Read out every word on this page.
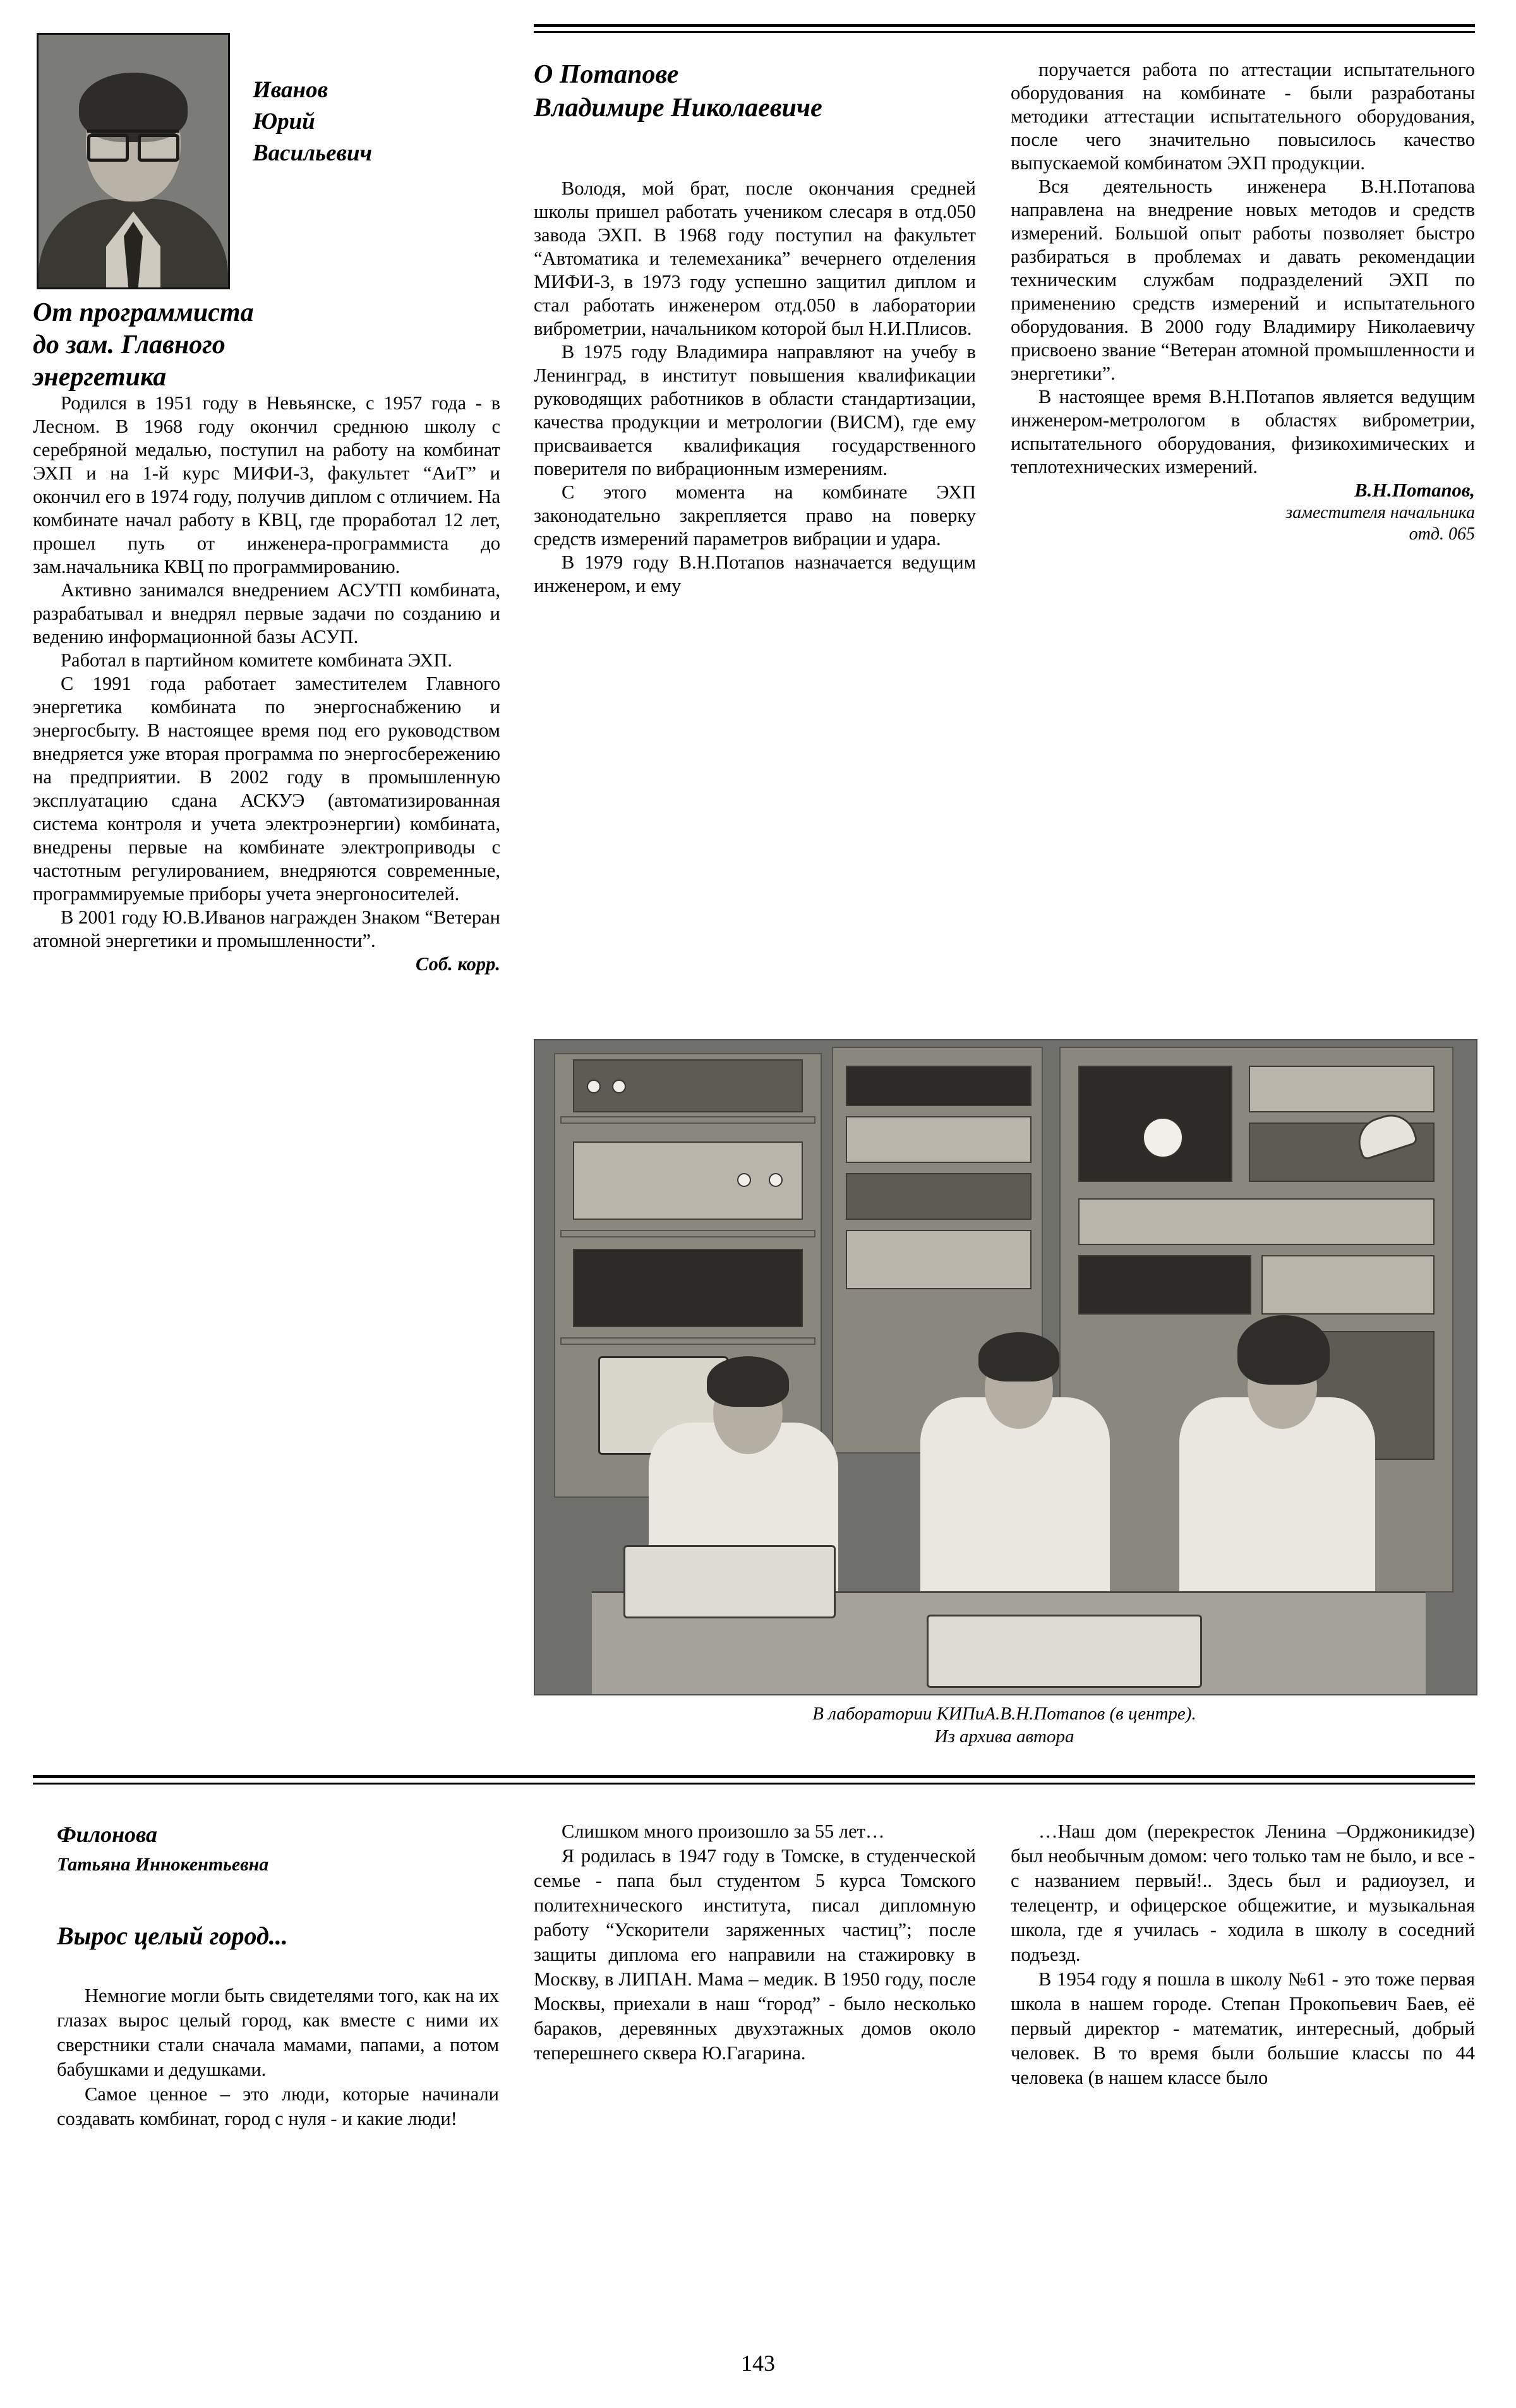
Иванов
Юрий
Васильевич
От программиста
до зам. Главного
энергетика

Родился в 1951 году в Невьянске, с 1957 года - в Лесном. В 1968 году окончил среднюю школу с серебряной медалью, поступил на работу на комбинат ЭХП и на 1-й курс МИФИ-3, факультет “АиТ” и окончил его в 1974 году, получив диплом с отличием. На комбинате начал работу в КВЦ, где проработал 12 лет, прошел путь от инженера-программиста до зам.начальника КВЦ по программированию.

Активно занимался внедрением АСУТП комбината, разрабатывал и внедрял первые задачи по созданию и ведению информационной базы АСУП.

Работал в партийном комитете комбината ЭХП.

С 1991 года работает заместителем Главного энергетика комбината по энергоснабжению и энергосбыту. В настоящее время под его руководством внедряется уже вторая программа по энергосбережению на предприятии. В 2002 году в промышленную эксплуатацию сдана АСКУЭ (автоматизированная система контроля и учета электроэнергии) комбината, внедрены первые на комбинате электроприводы с частотным регулированием, внедряются современные, программируемые приборы учета энергоносителей.

В 2001 году Ю.В.Иванов награжден Знаком “Ветеран атомной энергетики и промышленности”.

Соб. корр.

О Потапове
Владимире Николаевиче

Володя, мой брат, после окончания средней школы пришел работать учеником слесаря в отд.050 завода ЭХП. В 1968 году поступил на факультет “Автоматика и телемеханика” вечернего отделения МИФИ-3, в 1973 году успешно защитил диплом и стал работать инженером отд.050 в лаборатории виброметрии, начальником которой был Н.И.Плисов.

В 1975 году Владимира направляют на учебу в Ленинград, в институт повышения квалификации руководящих работников в области стандартизации, качества продукции и метрологии (ВИСМ), где ему присваивается квалификация государственного поверителя по вибрационным измерениям.

С этого момента на комбинате ЭХП законодательно закрепляется право на поверку средств измерений параметров вибрации и удара.

В 1979 году В.Н.Потапов назначается ведущим инженером, и ему

поручается работа по аттестации испытательного оборудования на комбинате - были разработаны методики аттестации испытательного оборудования, после чего значительно повысилось качество выпускаемой комбинатом ЭХП продукции.

Вся деятельность инженера В.Н.Потапова направлена на внедрение новых методов и средств измерений. Большой опыт работы позволяет быстро разбираться в проблемах и давать рекомендации техническим службам подразделений ЭХП по применению средств измерений и испытательного оборудования. В 2000 году Владимиру Николаевичу присвоено звание “Ветеран атомной промышленности и энергетики”.

В настоящее время В.Н.Потапов является ведущим инженером-метрологом в областях виброметрии, испытательного оборудования, физикохимических и теплотехнических измерений.

В.Н.Потапов,

заместителя начальника

отд. 065

В лаборатории КИПиА.В.Н.Потапов (в центре).
Из архива автора
Филонова
Татьяна Иннокентьевна
Вырос целый город...

Немногие могли быть свидетелями того, как на их глазах вырос целый город, как вместе с ними их сверстники стали сначала мамами, папами, а потом бабушками и дедушками.

Самое ценное – это люди, которые начинали создавать комбинат, город с нуля - и какие люди!

Слишком много произошло за 55 лет…

Я родилась в 1947 году в Томске, в студенческой семье - папа был студентом 5 курса Томского политехнического института, писал дипломную работу “Ускорители заряженных частиц”; после защиты диплома его направили на стажировку в Москву, в ЛИПАН. Мама – медик. В 1950 году, после Москвы, приехали в наш “город” - было несколько бараков, деревянных двухэтажных домов около теперешнего сквера Ю.Гагарина.

…Наш дом (перекресток Ленина –Орджоникидзе) был необычным домом: чего только там не было, и все - с названием первый!.. Здесь был и радиоузел, и телецентр, и офицерское общежитие, и музыкальная школа, где я училась - ходила в школу в соседний подъезд.

В 1954 году я пошла в школу №61 - это тоже первая школа в нашем городе. Степан Прокопьевич Баев, её первый директор - математик, интересный, добрый человек. В то время были большие классы по 44 человека (в нашем классе было

143
